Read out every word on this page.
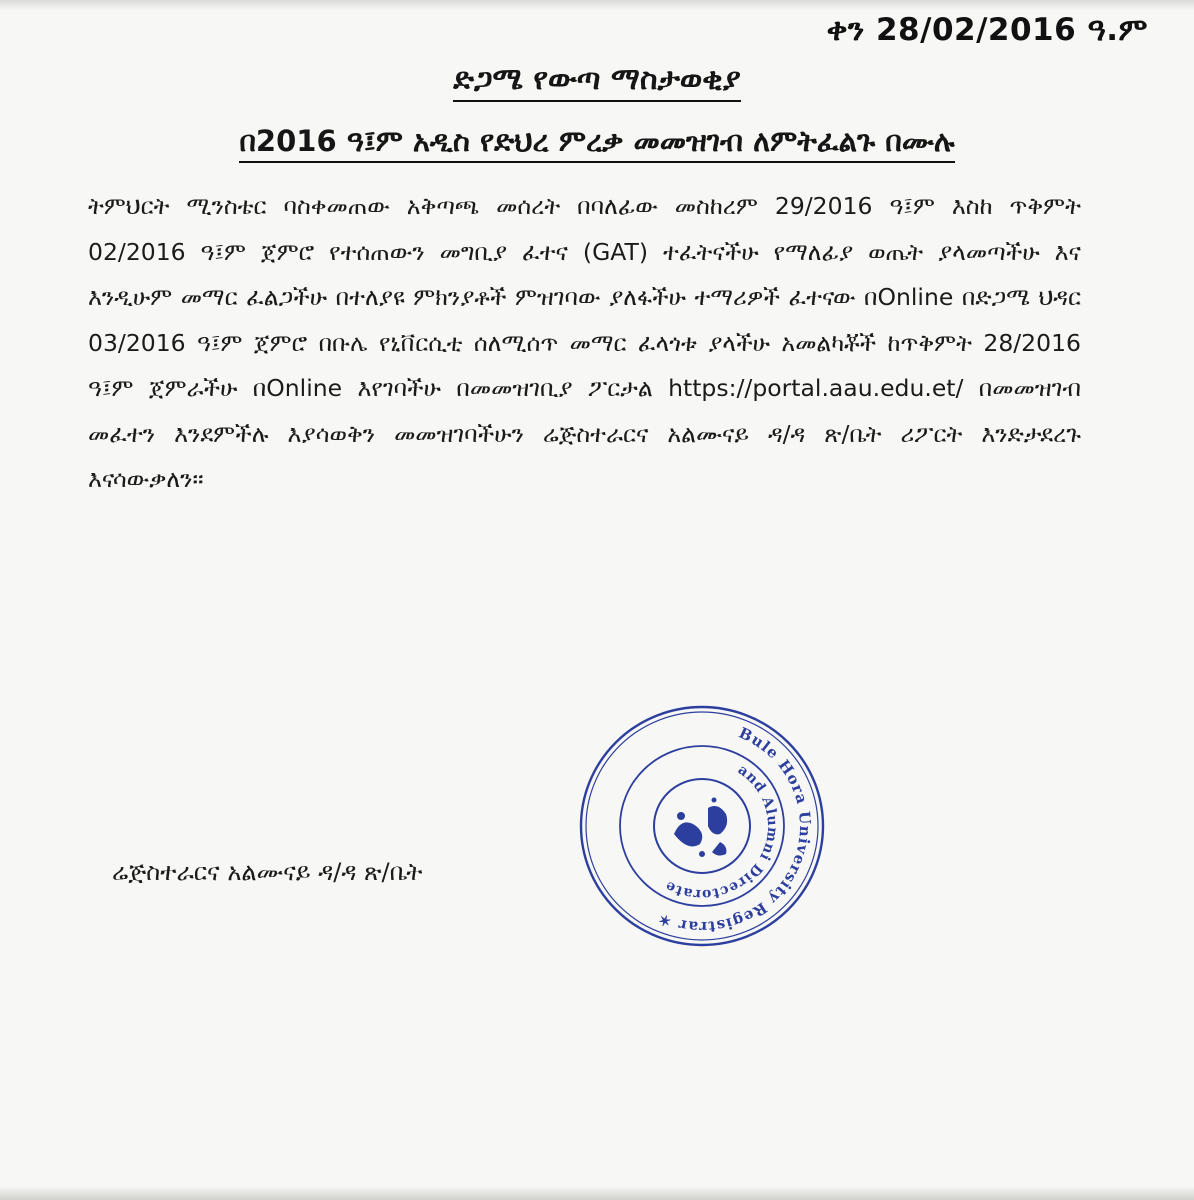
ቀን 28/02/2016 ዓ.ም
ድጋሜ የውጣ ማስታወቂያ
በ2016 ዓ፤ም አዲስ የድህረ ምረቃ መመዝገብ ለምትፈልጉ በሙሉ
ትምህርት ሚንስቴር ባስቀመጠው አቅጣጫ መሰረት በባለፊው መስከረም 29/2016 ዓ፤ም እስከ ጥቅምት 02/2016 ዓ፤ም ጀምሮ የተሰጠውን መግቢያ ፈተና (GAT) ተፈትናችሁ የማለፊያ ወጤት ያላመጣችሁ እና እንዲሁም መማር ፈልጋችሁ በተለያዩ ምክንያቶች ምዝገባው ያለፋችሁ ተማሪዎች ፈተናው በOnline በድጋሜ ህዳር 03/2016 ዓ፤ም ጀምሮ በቡሌ የኒቨርሲቲ ሰለሚሰጥ መማር ፈላጎቱ ያላችሁ አመልካቾች ከጥቅምት 28/2016 ዓ፤ም ጀምራችሁ በOnline እየገባችሁ በመመዝገቢያ ፖርታል https://portal.aau.edu.et/ በመመዝገብ መፈተን እንደምችሉ እያሳወቅን መመዝገባችሁን ሬጅስተራርና አልሙናይ ዳ/ዳ ጽ/ቤት ሪፖርት እንድታደረጉ እናሳውቃለን፡፡
ሬጅስተራርና አልሙናይ ዳ/ዳ ጽ/ቤት
Bule Hora University Registrar ✶
and Alumni Directorate
